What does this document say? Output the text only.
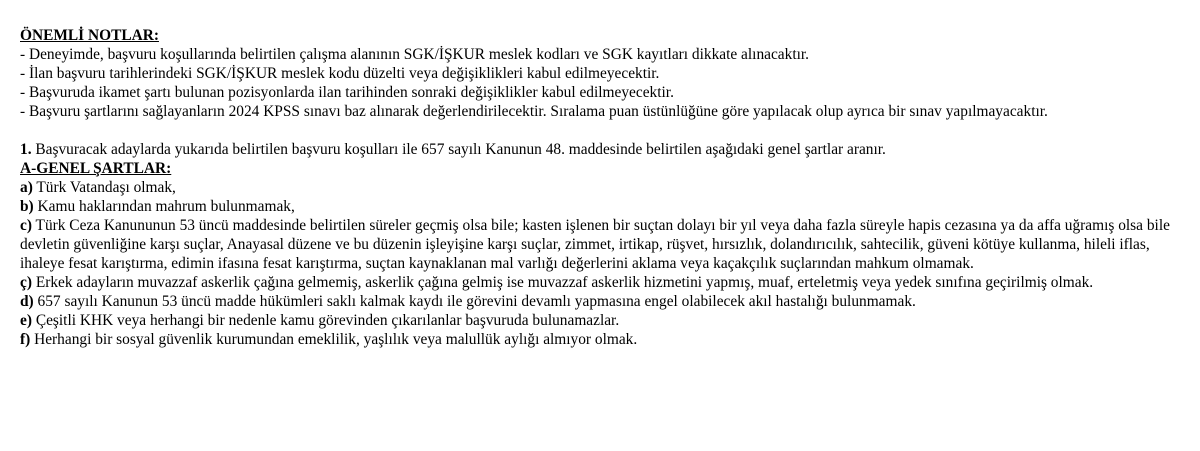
ÖNEMLİ NOTLAR:
- Deneyimde, başvuru koşullarında belirtilen çalışma alanının SGK/İŞKUR meslek kodları ve SGK kayıtları dikkate alınacaktır.
- İlan başvuru tarihlerindeki SGK/İŞKUR meslek kodu düzelti veya değişiklikleri kabul edilmeyecektir.
- Başvuruda ikamet şartı bulunan pozisyonlarda ilan tarihinden sonraki değişiklikler kabul edilmeyecektir.
- Başvuru şartlarını sağlayanların 2024 KPSS sınavı baz alınarak değerlendirilecektir. Sıralama puan üstünlüğüne göre yapılacak olup ayrıca bir sınav yapılmayacaktır.
1. Başvuracak adaylarda yukarıda belirtilen başvuru koşulları ile 657 sayılı Kanunun 48. maddesinde belirtilen aşağıdaki genel şartlar aranır.
A-GENEL ŞARTLAR:
a) Türk Vatandaşı olmak,
b) Kamu haklarından mahrum bulunmamak,
c) Türk Ceza Kanununun 53 üncü maddesinde belirtilen süreler geçmiş olsa bile; kasten işlenen bir suçtan dolayı bir yıl veya daha fazla süreyle hapis cezasına ya da affa uğramış olsa bile devletin güvenliğine karşı suçlar, Anayasal düzene ve bu düzenin işleyişine karşı suçlar, zimmet, irtikap, rüşvet, hırsızlık, dolandırıcılık, sahtecilik, güveni kötüye kullanma, hileli iflas, ihaleye fesat karıştırma, edimin ifasına fesat karıştırma, suçtan kaynaklanan mal varlığı değerlerini aklama veya kaçakçılık suçlarından mahkum olmamak.
ç) Erkek adayların muvazzaf askerlik çağına gelmemiş, askerlik çağına gelmiş ise muvazzaf askerlik hizmetini yapmış, muaf, erteletmiş veya yedek sınıfına geçirilmiş olmak.
d) 657 sayılı Kanunun 53 üncü madde hükümleri saklı kalmak kaydı ile görevini devamlı yapmasına engel olabilecek akıl hastalığı bulunmamak.
e) Çeşitli KHK veya herhangi bir nedenle kamu görevinden çıkarılanlar başvuruda bulunamazlar.
f) Herhangi bir sosyal güvenlik kurumundan emeklilik, yaşlılık veya malullük aylığı almıyor olmak.
